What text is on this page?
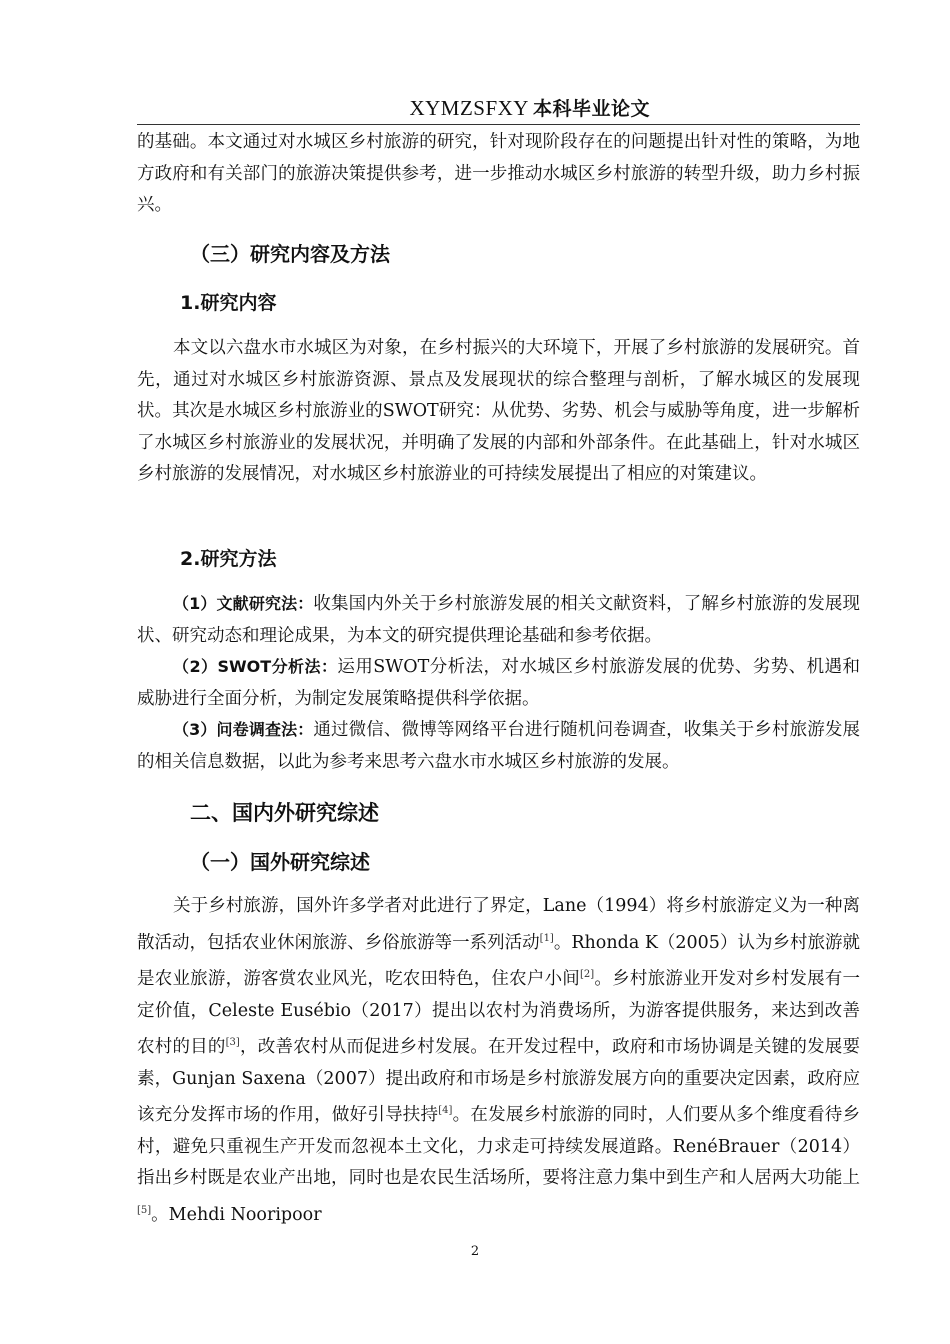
XYMZSFXY 本科毕业论文

的基础。本文通过对水城区乡村旅游的研究，针对现阶段存在的问题提出针对性的策略，为地方政府和有关部门的旅游决策提供参考，进一步推动水城区乡村旅游的转型升级，助力乡村振兴。

（三）研究内容及方法
1.研究内容

本文以六盘水市水城区为对象，在乡村振兴的大环境下，开展了乡村旅游的发展研究。首先，通过对水城区乡村旅游资源、景点及发展现状的综合整理与剖析，了解水城区的发展现状。其次是水城区乡村旅游业的SWOT研究：从优势、劣势、机会与威胁等角度，进一步解析了水城区乡村旅游业的发展状况，并明确了发展的内部和外部条件。在此基础上，针对水城区乡村旅游的发展情况，对水城区乡村旅游业的可持续发展提出了相应的对策建议。

2.研究方法

（1）文献研究法：收集国内外关于乡村旅游发展的相关文献资料，了解乡村旅游的发展现状、研究动态和理论成果，为本文的研究提供理论基础和参考依据。

（2）SWOT分析法：运用SWOT分析法，对水城区乡村旅游发展的优势、劣势、机遇和威胁进行全面分析，为制定发展策略提供科学依据。

（3）问卷调查法：通过微信、微博等网络平台进行随机问卷调查，收集关于乡村旅游发展的相关信息数据，以此为参考来思考六盘水市水城区乡村旅游的发展。

二、国内外研究综述
（一）国外研究综述

关于乡村旅游，国外许多学者对此进行了界定，Lane（1994）将乡村旅游定义为一种离散活动，包括农业休闲旅游、乡俗旅游等一系列活动[1]。Rhonda K（2005）认为乡村旅游就是农业旅游，游客赏农业风光，吃农田特色，住农户小间[2]。乡村旅游业开发对乡村发展有一定价值，Celeste Eusébio（2017）提出以农村为消费场所，为游客提供服务，来达到改善农村的目的[3]，改善农村从而促进乡村发展。在开发过程中，政府和市场协调是关键的发展要素，Gunjan Saxena（2007）提出政府和市场是乡村旅游发展方向的重要决定因素，政府应该充分发挥市场的作用，做好引导扶持[4]。在发展乡村旅游的同时，人们要从多个维度看待乡村，避免只重视生产开发而忽视本土文化，力求走可持续发展道路。RenéBrauer（2014）指出乡村既是农业产出地，同时也是农民生活场所，要将注意力集中到生产和人居两大功能上[5]。Mehdi Nooripoor

2
